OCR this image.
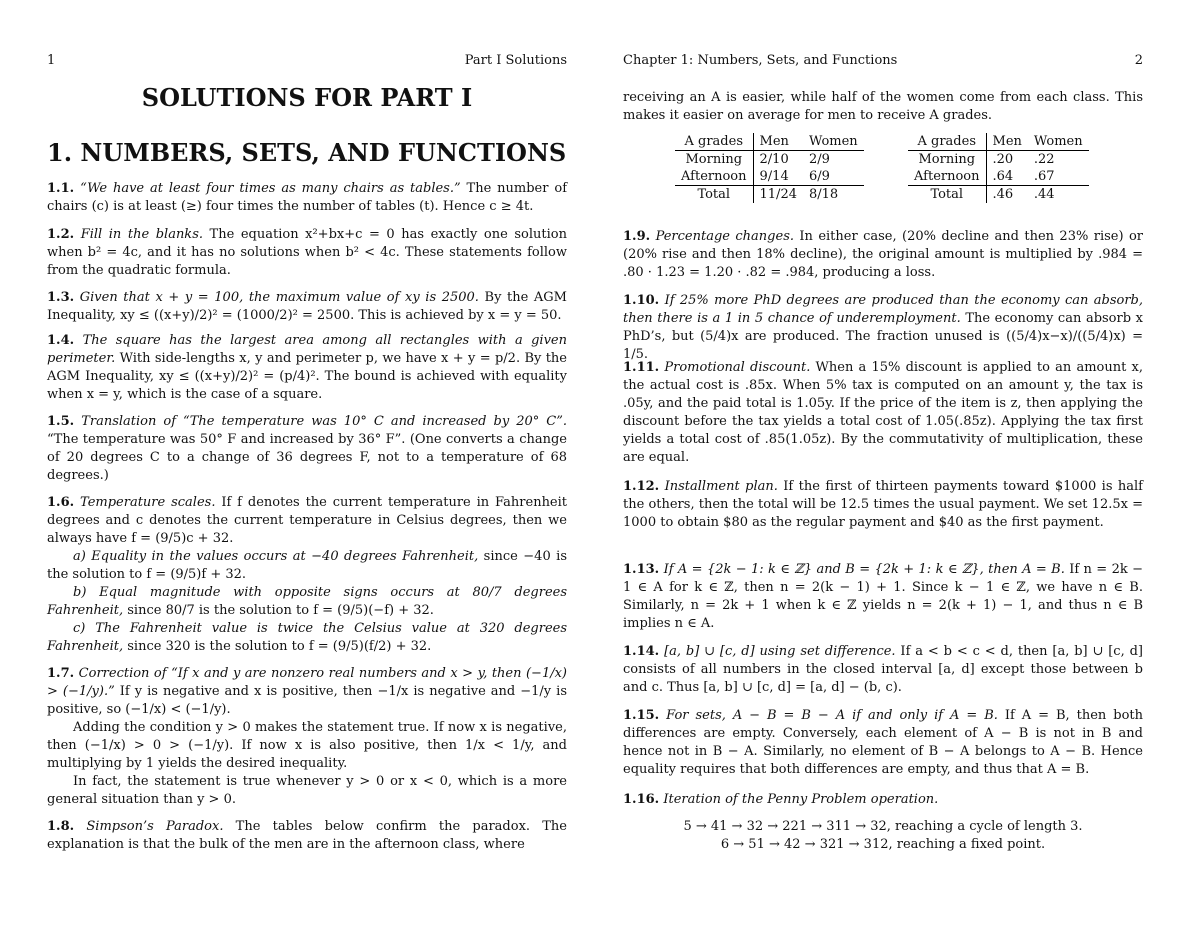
1	Part I Solutions
SOLUTIONS FOR PART I
1. NUMBERS, SETS, AND FUNCTIONS
1.1. “We have at least four times as many chairs as tables.” The number of chairs (c) is at least (≥) four times the number of tables (t). Hence c ≥ 4t.
1.2. Fill in the blanks. The equation x²+bx+c = 0 has exactly one solution when b² = 4c, and it has no solutions when b² < 4c. These statements follow from the quadratic formula.
1.3. Given that x + y = 100, the maximum value of xy is 2500. By the AGM Inequality, xy ≤ ((x+y)/2)² = (1000/2)² = 2500. This is achieved by x = y = 50.
1.4. The square has the largest area among all rectangles with a given perimeter. With side-lengths x, y and perimeter p, we have x + y = p/2. By the AGM Inequality, xy ≤ ((x+y)/2)² = (p/4)². The bound is achieved with equality when x = y, which is the case of a square.
1.5. Translation of “The temperature was 10° C and increased by 20° C”. “The temperature was 50° F and increased by 36° F”. (One converts a change of 20 degrees C to a change of 36 degrees F, not to a temperature of 68 degrees.)
1.6. Temperature scales. If f denotes the current temperature in Fahrenheit degrees and c denotes the current temperature in Celsius degrees, then we always have f = (9/5)c + 32.
a) Equality in the values occurs at −40 degrees Fahrenheit, since −40 is the solution to f = (9/5)f + 32.
b) Equal magnitude with opposite signs occurs at 80/7 degrees Fahrenheit, since 80/7 is the solution to f = (9/5)(−f) + 32.
c) The Fahrenheit value is twice the Celsius value at 320 degrees Fahrenheit, since 320 is the solution to f = (9/5)(f/2) + 32.
1.7. Correction of “If x and y are nonzero real numbers and x > y, then (−1/x) > (−1/y).” If y is negative and x is positive, then −1/x is negative and −1/y is positive, so (−1/x) < (−1/y).
Adding the condition y > 0 makes the statement true. If now x is negative, then (−1/x) > 0 > (−1/y). If now x is also positive, then 1/x < 1/y, and multiplying by 1 yields the desired inequality.
In fact, the statement is true whenever y > 0 or x < 0, which is a more general situation than y > 0.
1.8. Simpson’s Paradox. The tables below confirm the paradox. The explanation is that the bulk of the men are in the afternoon class, where
Chapter 1: Numbers, Sets, and Functions	2
receiving an A is easier, while half of the women come from each class. This makes it easier on average for men to receive A grades.
A grades	Men	Women
Morning	2/10	2/9
Afternoon	9/14	6/9
Total	11/24	8/18
A grades	Men	Women
Morning	.20	.22
Afternoon	.64	.67
Total	.46	.44
1.9. Percentage changes. In either case, (20% decline and then 23% rise) or (20% rise and then 18% decline), the original amount is multiplied by .984 = .80 · 1.23 = 1.20 · .82 = .984, producing a loss.
1.10. If 25% more PhD degrees are produced than the economy can absorb, then there is a 1 in 5 chance of underemployment. The economy can absorb x PhD’s, but (5/4)x are produced. The fraction unused is ((5/4)x−x)/((5/4)x) = 1/5.
1.11. Promotional discount. When a 15% discount is applied to an amount x, the actual cost is .85x. When 5% tax is computed on an amount y, the tax is .05y, and the paid total is 1.05y. If the price of the item is z, then applying the discount before the tax yields a total cost of 1.05(.85z). Applying the tax first yields a total cost of .85(1.05z). By the commutativity of multiplication, these are equal.
1.12. Installment plan. If the first of thirteen payments toward $1000 is half the others, then the total will be 12.5 times the usual payment. We set 12.5x = 1000 to obtain $80 as the regular payment and $40 as the first payment.
1.13. If A = {2k − 1: k ∈ ℤ} and B = {2k + 1: k ∈ ℤ}, then A = B. If n = 2k − 1 ∈ A for k ∈ ℤ, then n = 2(k − 1) + 1. Since k − 1 ∈ ℤ, we have n ∈ B. Similarly, n = 2k + 1 when k ∈ ℤ yields n = 2(k + 1) − 1, and thus n ∈ B implies n ∈ A.
1.14. [a, b] ∪ [c, d] using set difference. If a < b < c < d, then [a, b] ∪ [c, d] consists of all numbers in the closed interval [a, d] except those between b and c. Thus [a, b] ∪ [c, d] = [a, d] − (b, c).
1.15. For sets, A − B = B − A if and only if A = B. If A = B, then both differences are empty. Conversely, each element of A − B is not in B and hence not in B − A. Similarly, no element of B − A belongs to A − B. Hence equality requires that both differences are empty, and thus that A = B.
1.16. Iteration of the Penny Problem operation.
5 → 41 → 32 → 221 → 311 → 32, reaching a cycle of length 3.
6 → 51 → 42 → 321 → 312, reaching a fixed point.
